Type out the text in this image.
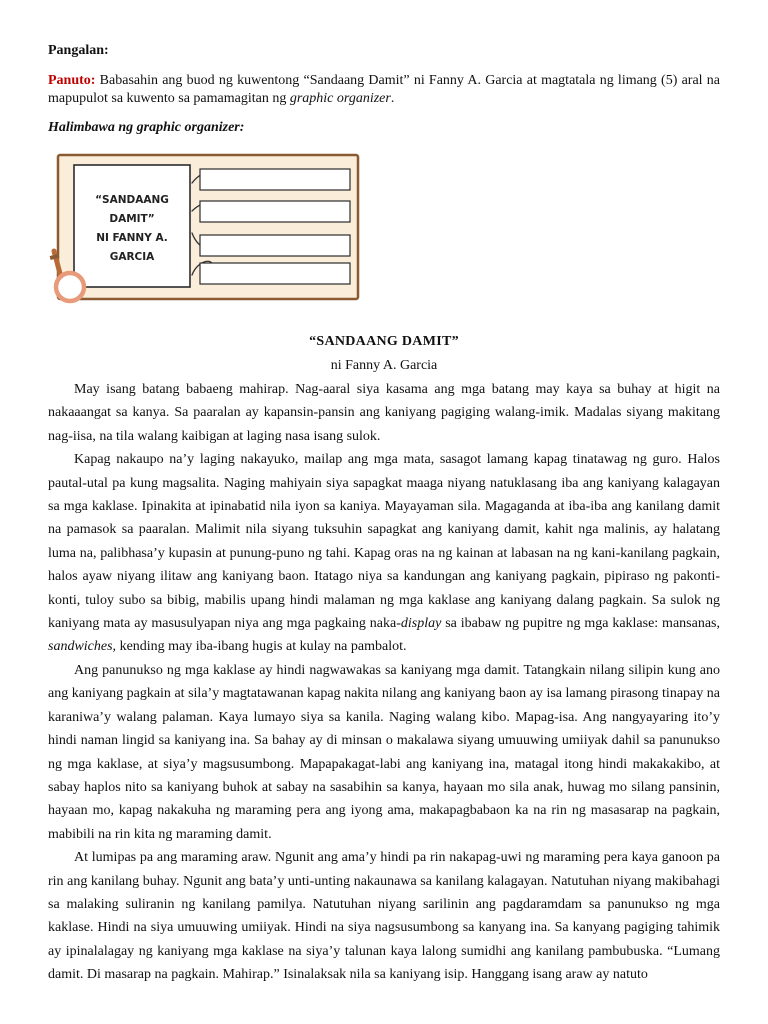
Pangalan:
Panuto: Babasahin ang buod ng kuwentong “Sandaang Damit” ni Fanny A. Garcia at magtatala ng limang (5) aral na mapupulot sa kuwento sa pamamagitan ng graphic organizer.
Halimbawa ng graphic organizer:
“SANDAANG
DAMIT”
NI FANNY A.
GARCIA
“SANDAANG DAMIT”
ni Fanny A. Garcia

May isang batang babaeng mahirap. Nag-aaral siya kasama ang mga batang may kaya sa buhay at higit na nakaaangat sa kanya. Sa paaralan ay kapansin-pansin ang kaniyang pagiging walang-imik. Madalas siyang makitang nag-iisa, na tila walang kaibigan at laging nasa isang sulok.

Kapag nakaupo na’y laging nakayuko, mailap ang mga mata, sasagot lamang kapag tinatawag ng guro. Halos pautal-utal pa kung magsalita. Naging mahiyain siya sapagkat maaga niyang natuklasang iba ang kaniyang kalagayan sa mga kaklase. Ipinakita at ipinabatid nila iyon sa kaniya. Mayayaman sila. Magaganda at iba-iba ang kanilang damit na pamasok sa paaralan. Malimit nila siyang tuksuhin sapagkat ang kaniyang damit, kahit nga malinis, ay halatang luma na, palibhasa’y kupasin at punung-puno ng tahi. Kapag oras na ng kainan at labasan na ng kani-kanilang pagkain, halos ayaw niyang ilitaw ang kaniyang baon. Itatago niya sa kandungan ang kaniyang pagkain, pipiraso ng pakonti-konti, tuloy subo sa bibig, mabilis upang hindi malaman ng mga kaklase ang kaniyang dalang pagkain. Sa sulok ng kaniyang mata ay masusulyapan niya ang mga pagkaing naka-display sa ibabaw ng pupitre ng mga kaklase: mansanas, sandwiches, kending may iba-ibang hugis at kulay na pambalot.

Ang panunukso ng mga kaklase ay hindi nagwawakas sa kaniyang mga damit. Tatangkain nilang silipin kung ano ang kaniyang pagkain at sila’y magtatawanan kapag nakita nilang ang kaniyang baon ay isa lamang pirasong tinapay na karaniwa’y walang palaman. Kaya lumayo siya sa kanila. Naging walang kibo. Mapag-isa. Ang nangyayaring ito’y hindi naman lingid sa kaniyang ina. Sa bahay ay di minsan o makalawa siyang umuuwing umiiyak dahil sa panunukso ng mga kaklase, at siya’y magsusumbong. Mapapakagat-labi ang kaniyang ina, matagal itong hindi makakakibo, at sabay haplos nito sa kaniyang buhok at sabay na sasabihin sa kanya, hayaan mo sila anak, huwag mo silang pansinin, hayaan mo, kapag nakakuha ng maraming pera ang iyong ama, makapagbabaon ka na rin ng masasarap na pagkain, mabibili na rin kita ng maraming damit.

At lumipas pa ang maraming araw. Ngunit ang ama’y hindi pa rin nakapag-uwi ng maraming pera kaya ganoon pa rin ang kanilang buhay. Ngunit ang bata’y unti-unting nakaunawa sa kanilang kalagayan. Natutuhan niyang makibahagi sa malaking suliranin ng kanilang pamilya. Natutuhan niyang sarilinin ang pagdaramdam sa panunukso ng mga kaklase. Hindi na siya umuuwing umiiyak. Hindi na siya nagsusumbong sa kanyang ina. Sa kanyang pagiging tahimik ay ipinalalagay ng kaniyang mga kaklase na siya’y talunan kaya lalong sumidhi ang kanilang pambubuska. “Lumang damit. Di masarap na pagkain. Mahirap.” Isinalaksak nila sa kaniyang isip. Hanggang isang araw ay natuto
